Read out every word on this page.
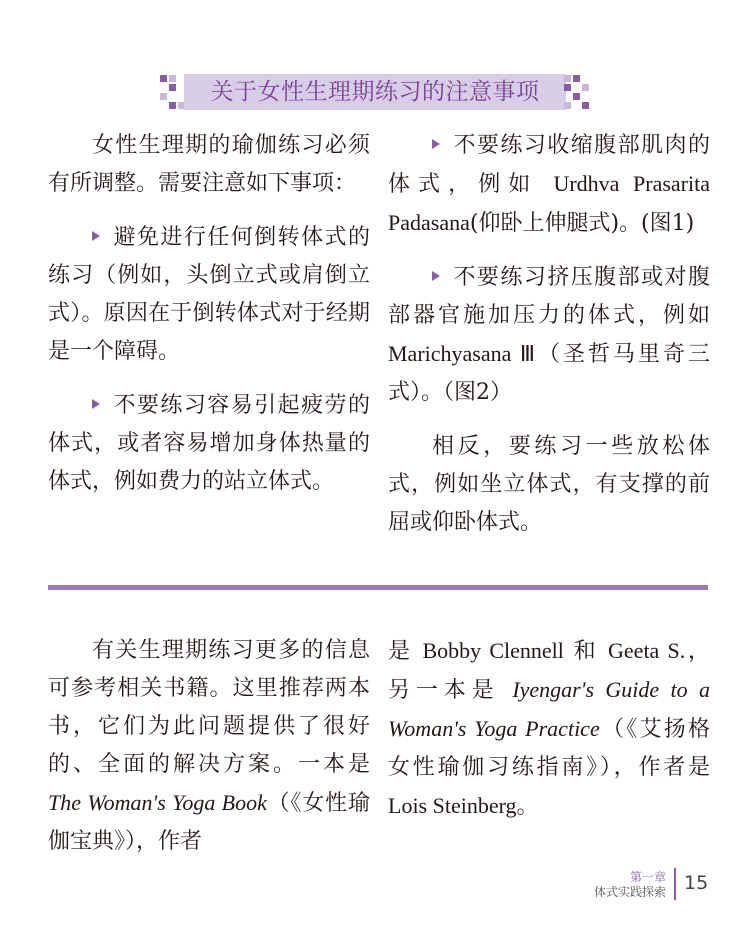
关于女性生理期练习的注意事项

女性生理期的瑜伽练习必须有所调整。需要注意如下事项：

避免进行任何倒转体式的练习（例如，头倒立式或肩倒立式）。原因在于倒转体式对于经期是一个障碍。

不要练习容易引起疲劳的体式，或者容易增加身体热量的体式，例如费力的站立体式。

不要练习收缩腹部肌肉的体式，例如 Urdhva Prasarita Padasana(仰卧上伸腿式)。(图1)

不要练习挤压腹部或对腹部器官施加压力的体式，例如 Marichyasana Ⅲ（圣哲马里奇三式）。（图2）

相反，要练习一些放松体式，例如坐立体式，有支撑的前屈或仰卧体式。

有关生理期练习更多的信息可参考相关书籍。这里推荐两本书，它们为此问题提供了很好的、全面的解决方案。一本是 The Woman's Yoga Book（《女性瑜伽宝典》），作者

是 Bobby Clennell 和 Geeta S.，另一本是 Iyengar's Guide to a Woman's Yoga Practice（《艾扬格女性瑜伽习练指南》），作者是 Lois Steinberg。

第一章
体式实践探索 15
